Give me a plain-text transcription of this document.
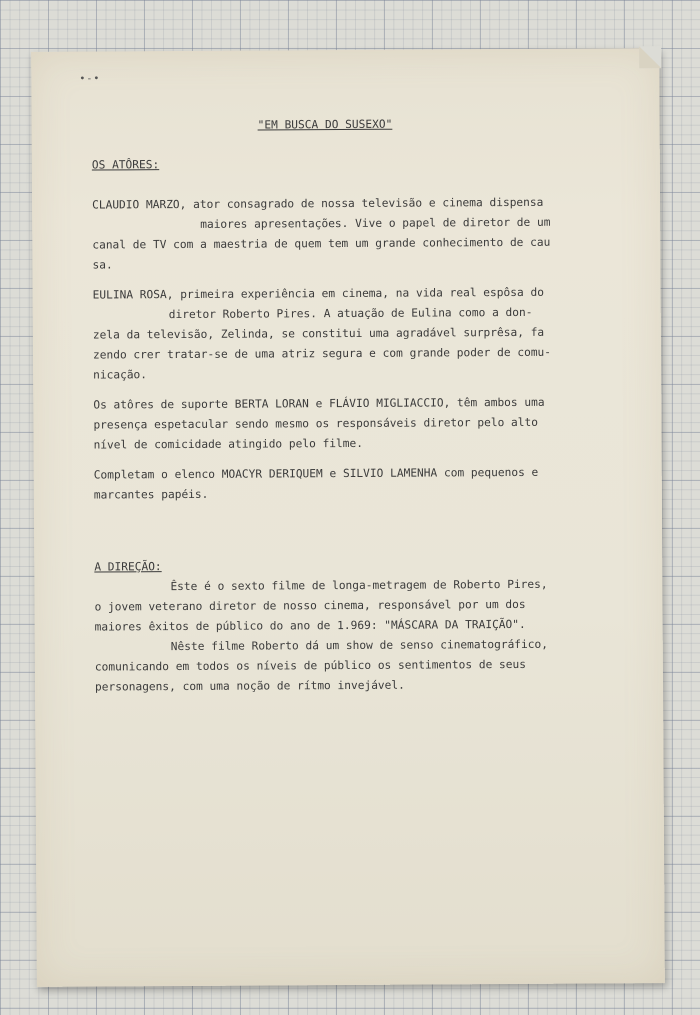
•-•
"EM BUSCA DO SUSEXO"
OS ATÔRES:
CLAUDIO MARZO, ator consagrado de nossa televisão e cinema dispensa
maiores apresentações. Vive o papel de diretor de um
canal de TV com a maestria de quem tem um grande conhecimento de cau
sa.
EULINA ROSA, primeira experiência em cinema, na vida real espôsa do
diretor Roberto Pires. A atuação de Eulina como a don-
zela da televisão, Zelinda, se constitui uma agradável surprêsa, fa
zendo crer tratar-se de uma atriz segura e com grande poder de comu-
nicação.
Os atôres de suporte BERTA LORAN e FLÁVIO MIGLIACCIO, têm ambos uma
presença espetacular sendo mesmo os responsáveis diretor pelo alto
nível de comicidade atingido pelo filme.
Completam o elenco MOACYR DERIQUEM e SILVIO LAMENHA com pequenos e
marcantes papéis.
A DIREÇÃO:
Êste é o sexto filme de longa-metragem de Roberto Pires,
o jovem veterano diretor de nosso cinema, responsável por um dos
maiores êxitos de público do ano de 1.969: "MÁSCARA DA TRAIÇÃO".
Nêste filme Roberto dá um show de senso cinematográfico,
comunicando em todos os níveis de público os sentimentos de seus
personagens, com uma noção de rítmo invejável.
